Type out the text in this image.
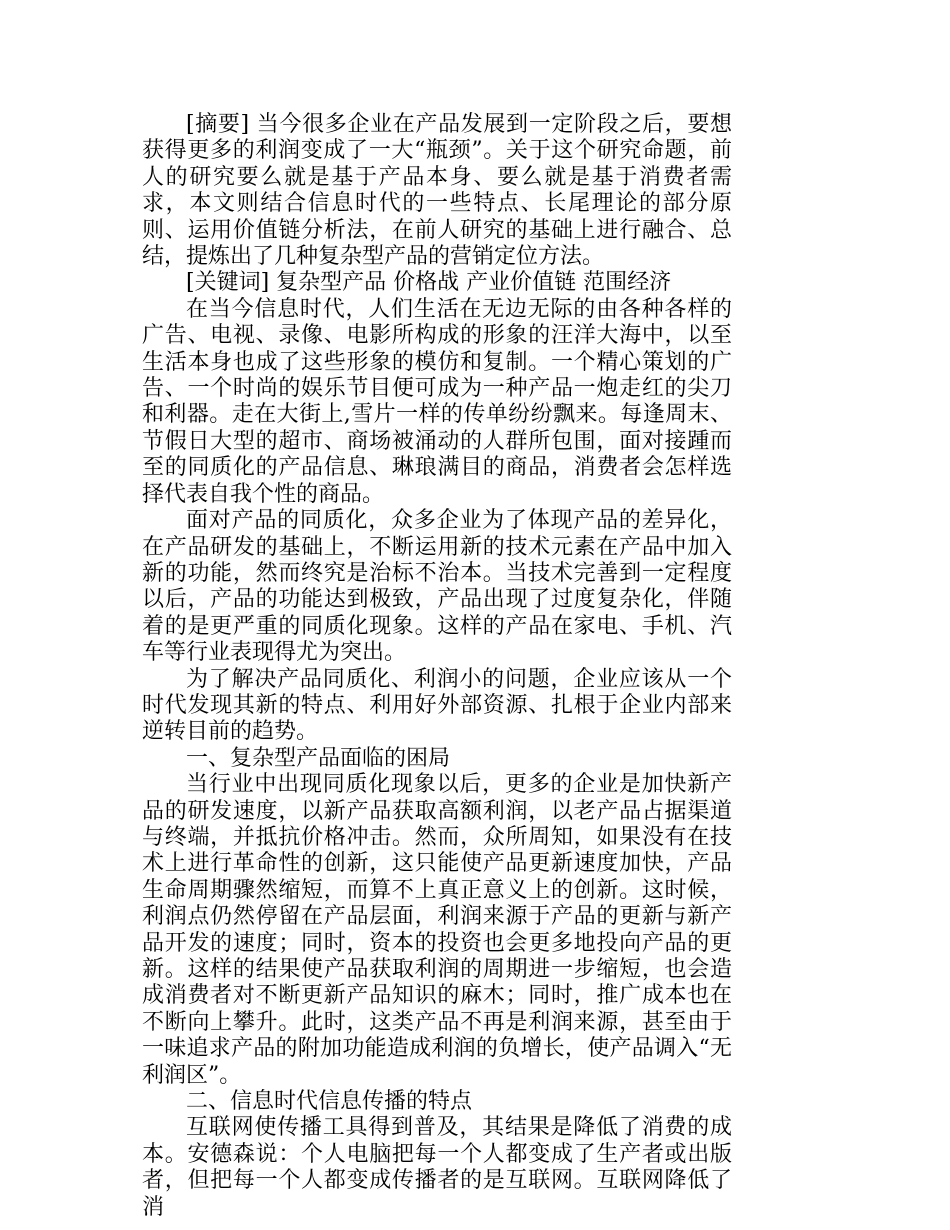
[摘要] 当今很多企业在产品发展到一定阶段之后，要想获得更多的利润变成了一大“瓶颈”。关于这个研究命题，前人的研究要么就是基于产品本身、要么就是基于消费者需求，本文则结合信息时代的一些特点、长尾理论的部分原则、运用价值链分析法，在前人研究的基础上进行融合、总结，提炼出了几种复杂型产品的营销定位方法。

[关键词] 复杂型产品 价格战 产业价值链 范围经济

在当今信息时代，人们生活在无边无际的由各种各样的广告、电视、录像、电影所构成的形象的汪洋大海中，以至生活本身也成了这些形象的模仿和复制。一个精心策划的广告、一个时尚的娱乐节目便可成为一种产品一炮走红的尖刀和利器。走在大街上,雪片一样的传单纷纷飘来。每逢周末、节假日大型的超市、商场被涌动的人群所包围，面对接踵而至的同质化的产品信息、琳琅满目的商品，消费者会怎样选择代表自我个性的商品。

面对产品的同质化，众多企业为了体现产品的差异化，在产品研发的基础上，不断运用新的技术元素在产品中加入新的功能，然而终究是治标不治本。当技术完善到一定程度以后，产品的功能达到极致，产品出现了过度复杂化，伴随着的是更严重的同质化现象。这样的产品在家电、手机、汽车等行业表现得尤为突出。

为了解决产品同质化、利润小的问题，企业应该从一个时代发现其新的特点、利用好外部资源、扎根于企业内部来逆转目前的趋势。

一、复杂型产品面临的困局

当行业中出现同质化现象以后，更多的企业是加快新产品的研发速度，以新产品获取高额利润，以老产品占据渠道与终端，并抵抗价格冲击。然而，众所周知，如果没有在技术上进行革命性的创新，这只能使产品更新速度加快，产品生命周期骤然缩短，而算不上真正意义上的创新。这时候，利润点仍然停留在产品层面，利润来源于产品的更新与新产品开发的速度；同时，资本的投资也会更多地投向产品的更新。这样的结果使产品获取利润的周期进一步缩短，也会造成消费者对不断更新产品知识的麻木；同时，推广成本也在不断向上攀升。此时，这类产品不再是利润来源，甚至由于一味追求产品的附加功能造成利润的负增长，使产品调入“无利润区”。

二、信息时代信息传播的特点

互联网使传播工具得到普及，其结果是降低了消费的成本。安德森说：个人电脑把每一个人都变成了生产者或出版者，但把每一个人都变成传播者的是互联网。互联网降低了消
